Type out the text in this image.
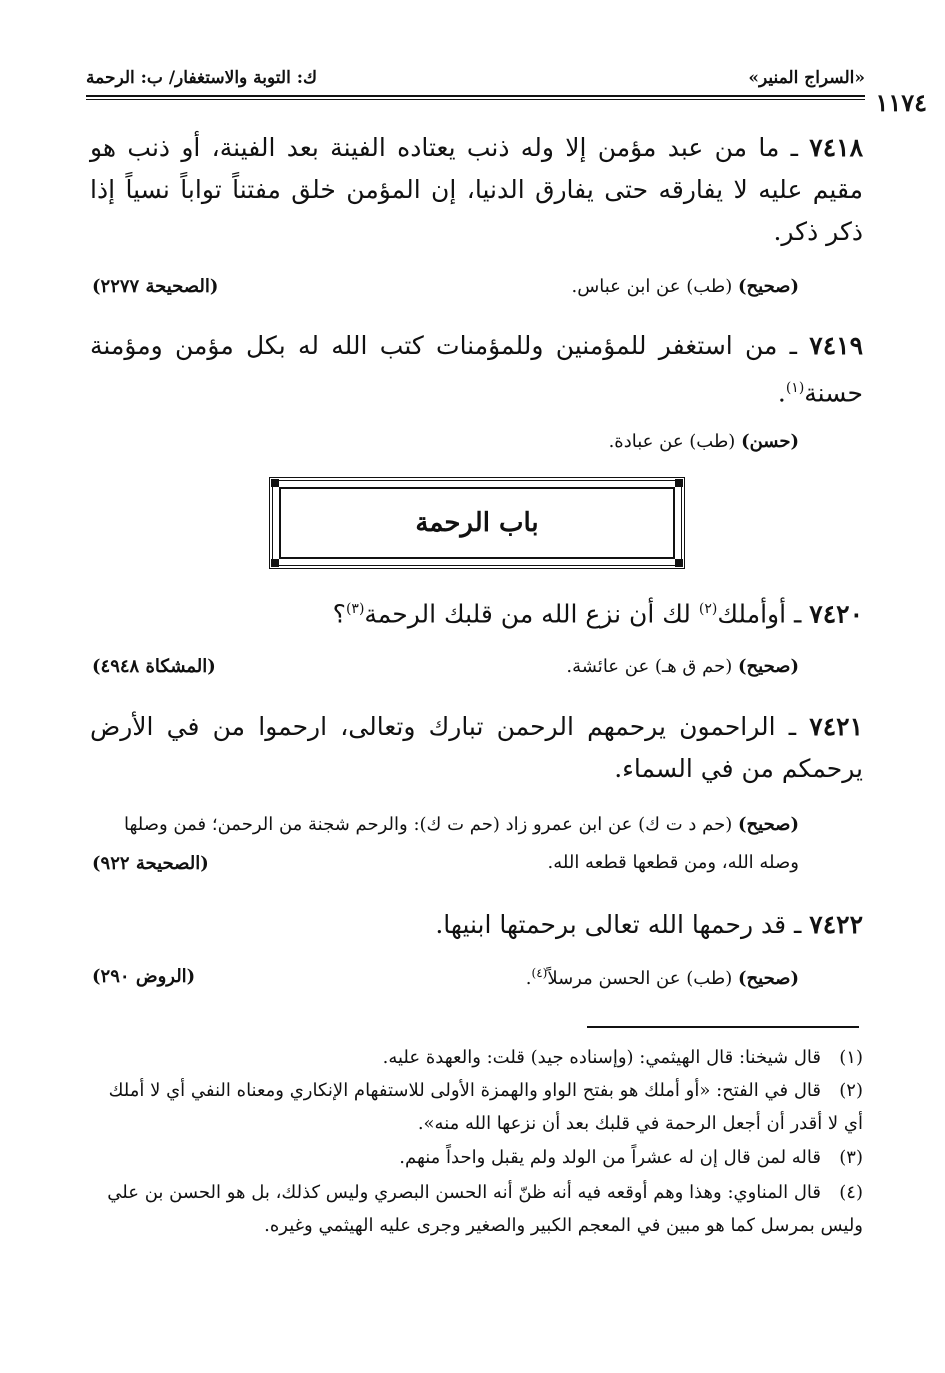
«السراج المنير»
ك: التوبة والاستغفار/ ب: الرحمة
١١٧٤
٧٤١٨ ـ ما من عبد مؤمن إلا وله ذنب يعتاده الفينة بعد الفينة، أو ذنب هو مقيم عليه لا يفارقه حتى يفارق الدنيا، إن المؤمن خلق مفتناً تواباً نسياً إذا ذكر ذكر.
(صحيح) (طب) عن ابن عباس.
(الصحيحة ٢٢٧٧)
٧٤١٩ ـ من استغفر للمؤمنين وللمؤمنات كتب الله له بكل مؤمن ومؤمنة حسنة$^{(١)}$.
(حسن) (طب) عن عبادة.
باب الرحمة
٧٤٢٠ ـ أوأملك$^{(٢)}$ لك أن نزع الله من قلبك الرحمة$^{(٣)}$؟
(صحيح) (حم ق هـ) عن عائشة.
(المشكاة ٤٩٤٨)
٧٤٢١ ـ الراحمون يرحمهم الرحمن تبارك وتعالى، ارحموا من في الأرض يرحمكم من في السماء.
(صحيح) (حم د ت ك) عن ابن عمرو زاد (حم ت ك): والرحم شجنة من الرحمن؛ فمن وصلها وصله الله، ومن قطعها قطعه الله.
(الصحيحة ٩٢٢)
٧٤٢٢ ـ قد رحمها الله تعالى برحمتها ابنيها.
(صحيح) (طب) عن الحسن مرسلاً$^{(٤)}$.
(الروض ٢٩٠)
(١)قال شيخنا: قال الهيثمي: (وإسناده جيد) قلت: والعهدة عليه.
(٢)قال في الفتح: «أو أملك هو بفتح الواو والهمزة الأولى للاستفهام الإنكاري ومعناه النفي أي لا أملك أي لا أقدر أن أجعل الرحمة في قلبك بعد أن نزعها الله منه».
(٣)قاله لمن قال إن له عشراً من الولد ولم يقبل واحداً منهم.
(٤)قال المناوي: وهذا وهم أوقعه فيه أنه ظنّ أنه الحسن البصري وليس كذلك، بل هو الحسن بن علي وليس بمرسل كما هو مبين في المعجم الكبير والصغير وجرى عليه الهيثمي وغيره.
